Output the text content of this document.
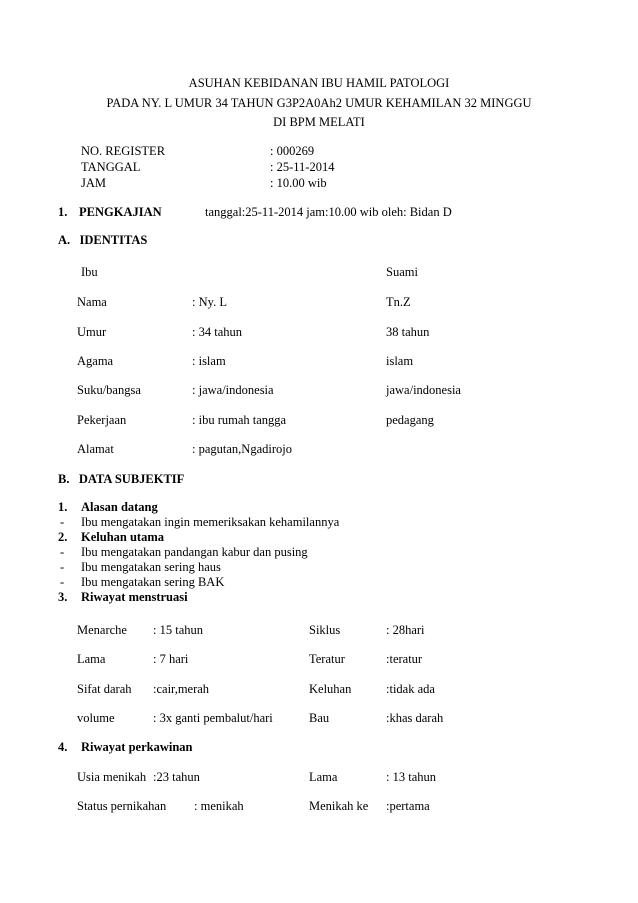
ASUHAN KEBIDANAN IBU HAMIL PATOLOGI
PADA NY. L UMUR 34 TAHUN G3P2A0Ah2 UMUR KEHAMILAN 32 MINGGU
DI BPM MELATI
NO. REGISTER	: 000269
TANGGAL	: 25-11-2014
JAM	: 10.00 wib
1. PENGKAJIAN	tanggal:25-11-2014 jam:10.00 wib oleh: Bidan D
A.   IDENTITAS
Ibu	Suami
Nama	: Ny. L	Tn.Z
Umur	: 34 tahun	38 tahun
Agama	: islam	islam
Suku/bangsa	: jawa/indonesia	jawa/indonesia
Pekerjaan	: ibu rumah tangga	pedagang
Alamat	: pagutan,Ngadirojo
B.   DATA SUBJEKTIF
1. Alasan datang
- Ibu mengatakan ingin memeriksakan kehamilannya
2. Keluhan utama
- Ibu mengatakan pandangan kabur dan pusing
- Ibu mengatakan sering haus
- Ibu mengatakan sering BAK
3. Riwayat menstruasi
Menarche : 15 tahun	Siklus	: 28hari
Lama	: 7 hari	Teratur	:teratur
Sifat darah :cair,merah	Keluhan	:tidak ada
volume	: 3x ganti pembalut/hari	Bau	:khas darah
4. Riwayat perkawinan
Usia menikah :23 tahun	Lama	: 13 tahun
Status pernikahan : menikah	Menikah ke :pertama
